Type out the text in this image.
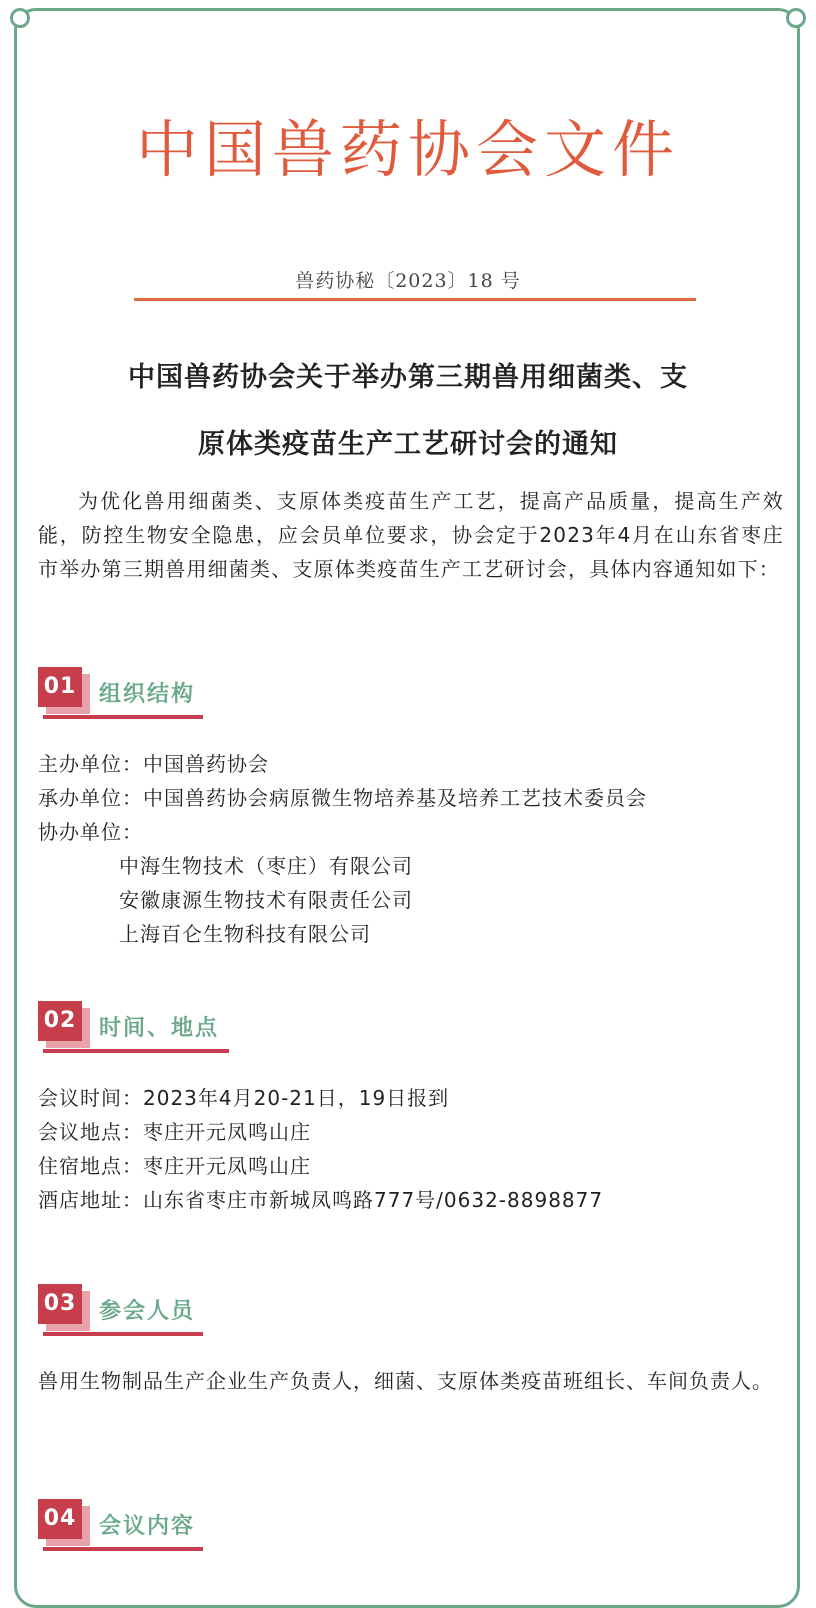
中国兽药协会文件
兽药协秘〔2023〕18 号
中国兽药协会关于举办第三期兽用细菌类、支
原体类疫苗生产工艺研讨会的通知
为优化兽用细菌类、支原体类疫苗生产工艺，提高产品质量，提高生产效能，防控生物安全隐患，应会员单位要求，协会定于2023年4月在山东省枣庄市举办第三期兽用细菌类、支原体类疫苗生产工艺研讨会，具体内容通知如下：
01 组织结构
主办单位：中国兽药协会
承办单位：中国兽药协会病原微生物培养基及培养工艺技术委员会
协办单位：
中海生物技术（枣庄）有限公司
安徽康源生物技术有限责任公司
上海百仑生物科技有限公司
02 时间、地点
会议时间：2023年4月20-21日，19日报到
会议地点：枣庄开元凤鸣山庄
住宿地点：枣庄开元凤鸣山庄
酒店地址：山东省枣庄市新城凤鸣路777号/0632-8898877
03 参会人员
兽用生物制品生产企业生产负责人，细菌、支原体类疫苗班组长、车间负责人。
04 会议内容
